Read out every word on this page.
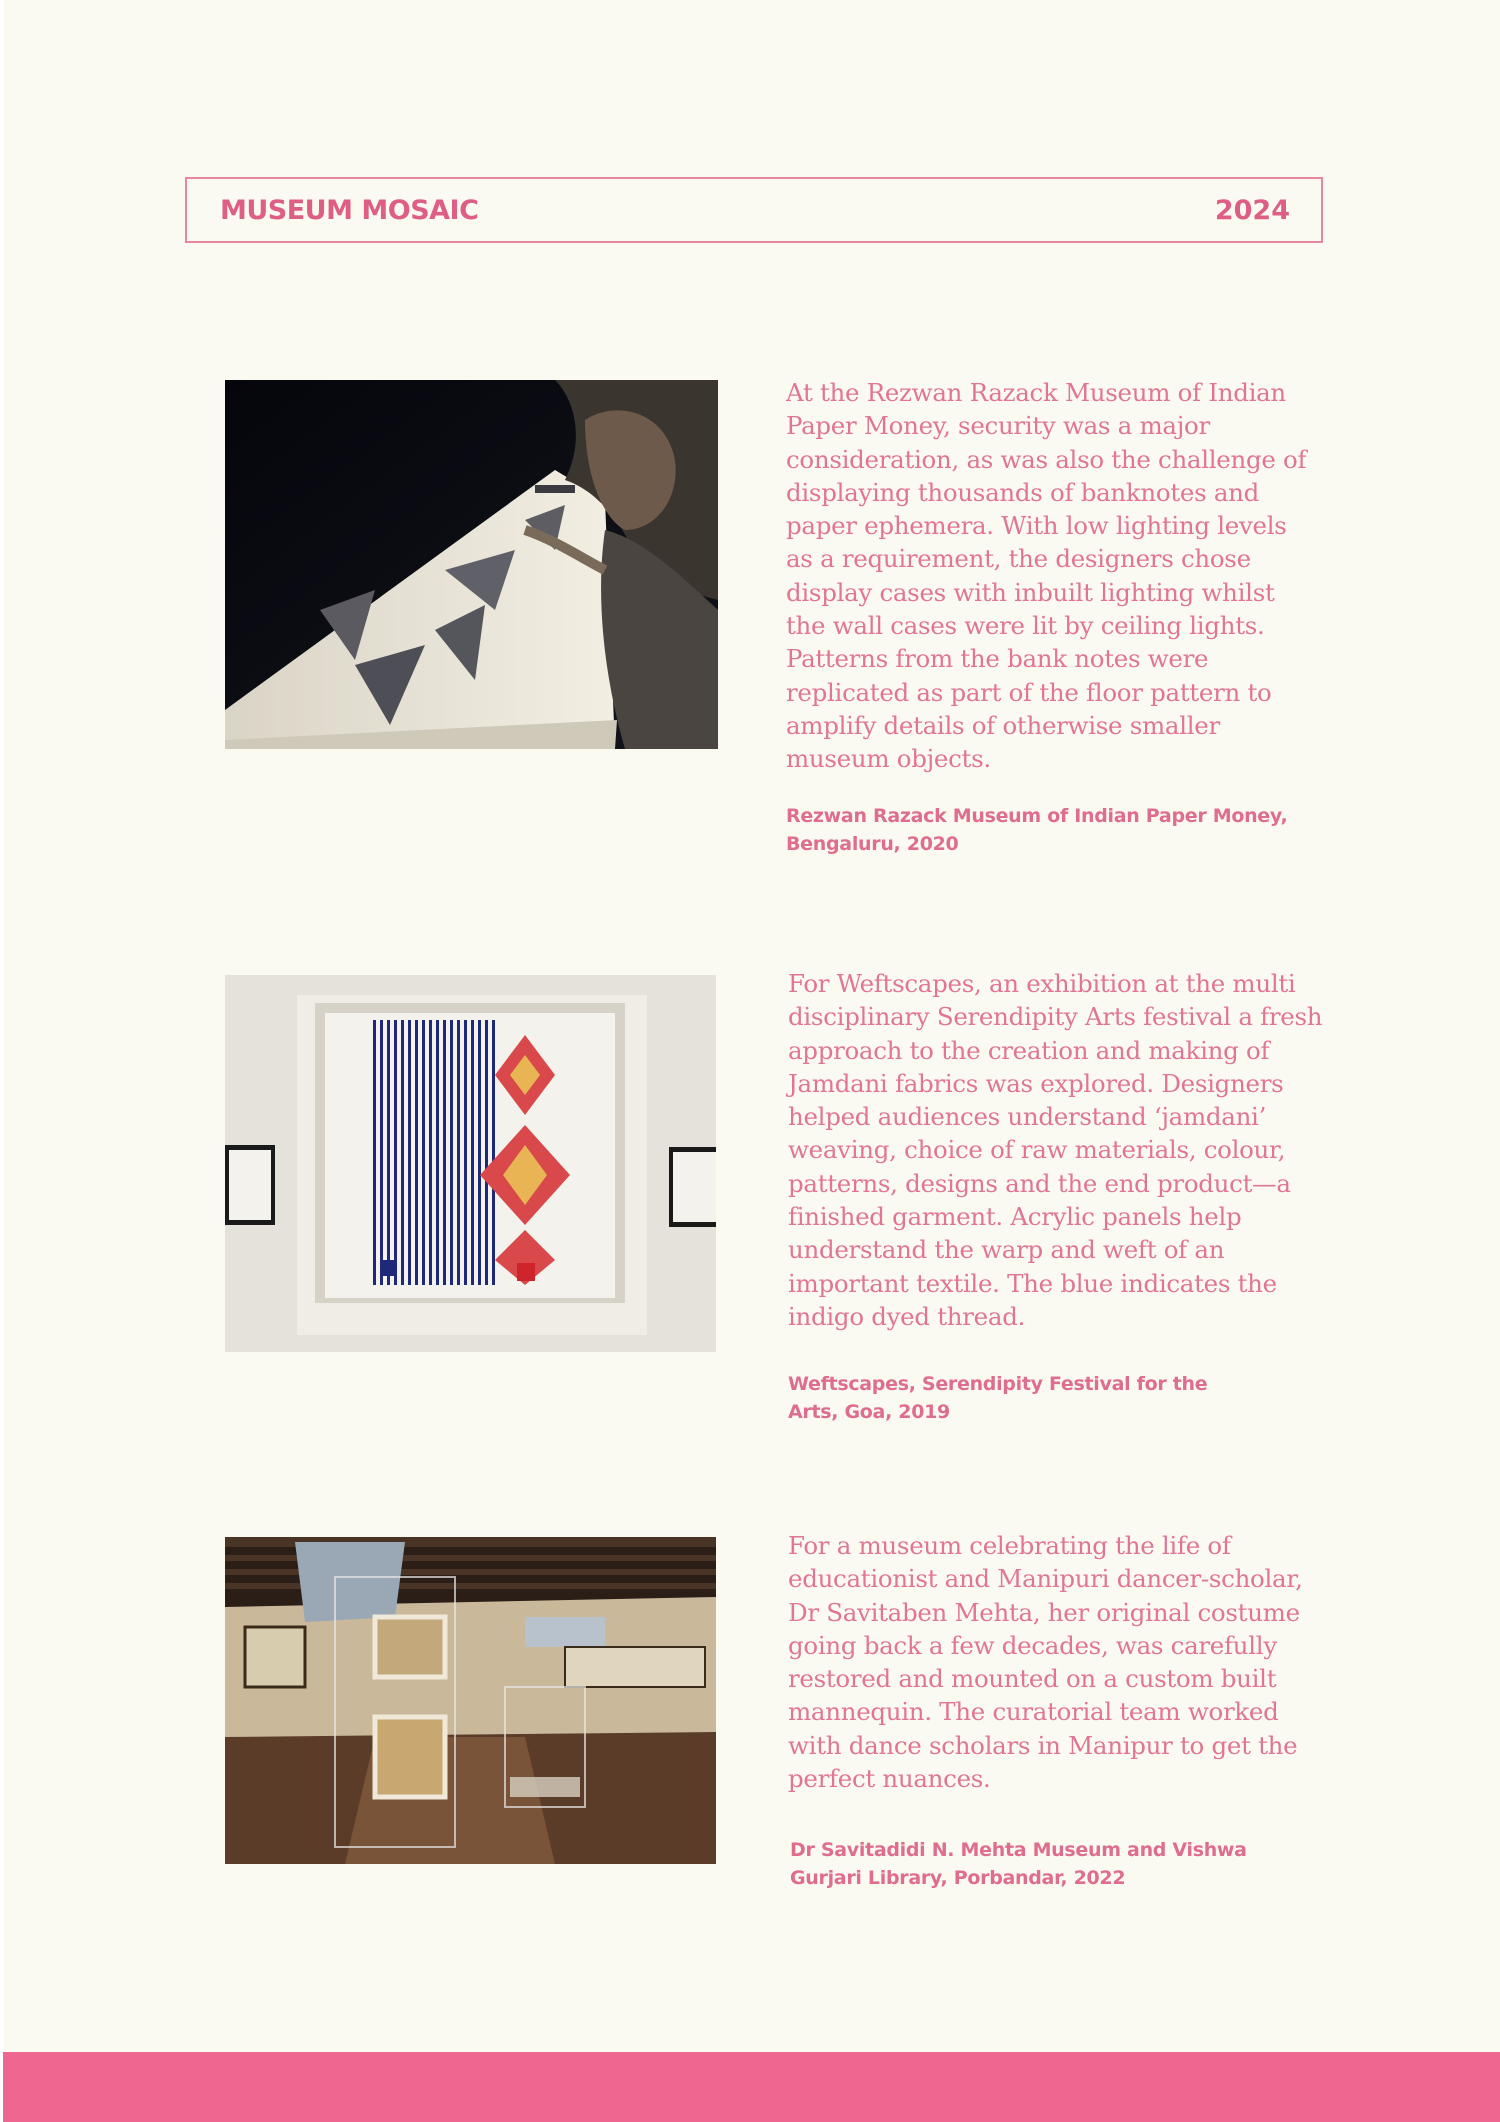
MUSEUM MOSAIC	2024
At the Rezwan Razack Museum of Indian Paper Money, security was a major consideration, as was also the challenge of displaying thousands of banknotes and paper ephemera. With low lighting levels as a requirement, the designers chose display cases with inbuilt lighting whilst the wall cases were lit by ceiling lights. Patterns from the bank notes were replicated as part of the floor pattern to amplify details of otherwise smaller museum objects.
Rezwan Razack Museum of Indian Paper Money, Bengaluru, 2020
For Weftscapes, an exhibition at the multi disciplinary Serendipity Arts festival a fresh approach to the creation and making of Jamdani fabrics was explored. Designers helped audiences understand ‘jamdani’ weaving, choice of raw materials, colour, patterns, designs and the end product—a finished garment. Acrylic panels help understand the warp and weft of an important textile. The blue indicates the indigo dyed thread.
Weftscapes, Serendipity Festival for the Arts, Goa, 2019
For a museum celebrating the life of educationist and Manipuri dancer-scholar, Dr Savitaben Mehta, her original costume going back a few decades, was carefully restored and mounted on a custom built mannequin. The curatorial team worked with dance scholars in Manipur to get the perfect nuances.
Dr Savitadidi N. Mehta Museum and Vishwa Gurjari Library, Porbandar, 2022
